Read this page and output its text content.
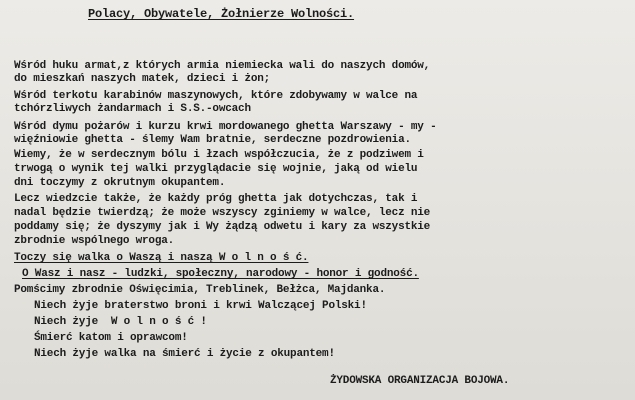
Polacy, Obywatele, Żołnierze Wolności.
Wśród huku armat,z których armia niemiecka wali do naszych domów,
do mieszkań naszych matek, dzieci i żon;
Wśród terkotu karabinów maszynowych, które zdobywamy w walce na
tchórzliwych żandarmach i S.S.-owcach
Wśród dymu pożarów i kurzu krwi mordowanego ghetta Warszawy - my -
więźniowie ghetta - ślemy Wam bratnie, serdeczne pozdrowienia.
Wiemy, że w serdecznym bólu i łzach współczucia, że z podziwem i
trwogą o wynik tej walki przyglądacie się wojnie, jaką od wielu
dni toczymy z okrutnym okupantem.
Lecz wiedzcie także, że każdy próg ghetta jak dotychczas, tak i
nadal będzie twierdzą; że może wszyscy zginiemy w walce, lecz nie
poddamy się; że dyszymy jak i Wy żądzą odwetu i kary za wszystkie
zbrodnie wspólnego wroga.
Toczy się walka o Waszą i naszą W o l n o ś ć.
O Wasz i nasz - ludzki, społeczny, narodowy - honor i godność.
Pomścimy zbrodnie Oświęcimia, Treblinek, Bełżca, Majdanka.
Niech żyje braterstwo broni i krwi Walczącej Polski!
Niech żyje  W o l n o ś ć !
Śmierć katom i oprawcom!
Niech żyje walka na śmierć i życie z okupantem!
ŻYDOWSKA ORGANIZACJA BOJOWA.
